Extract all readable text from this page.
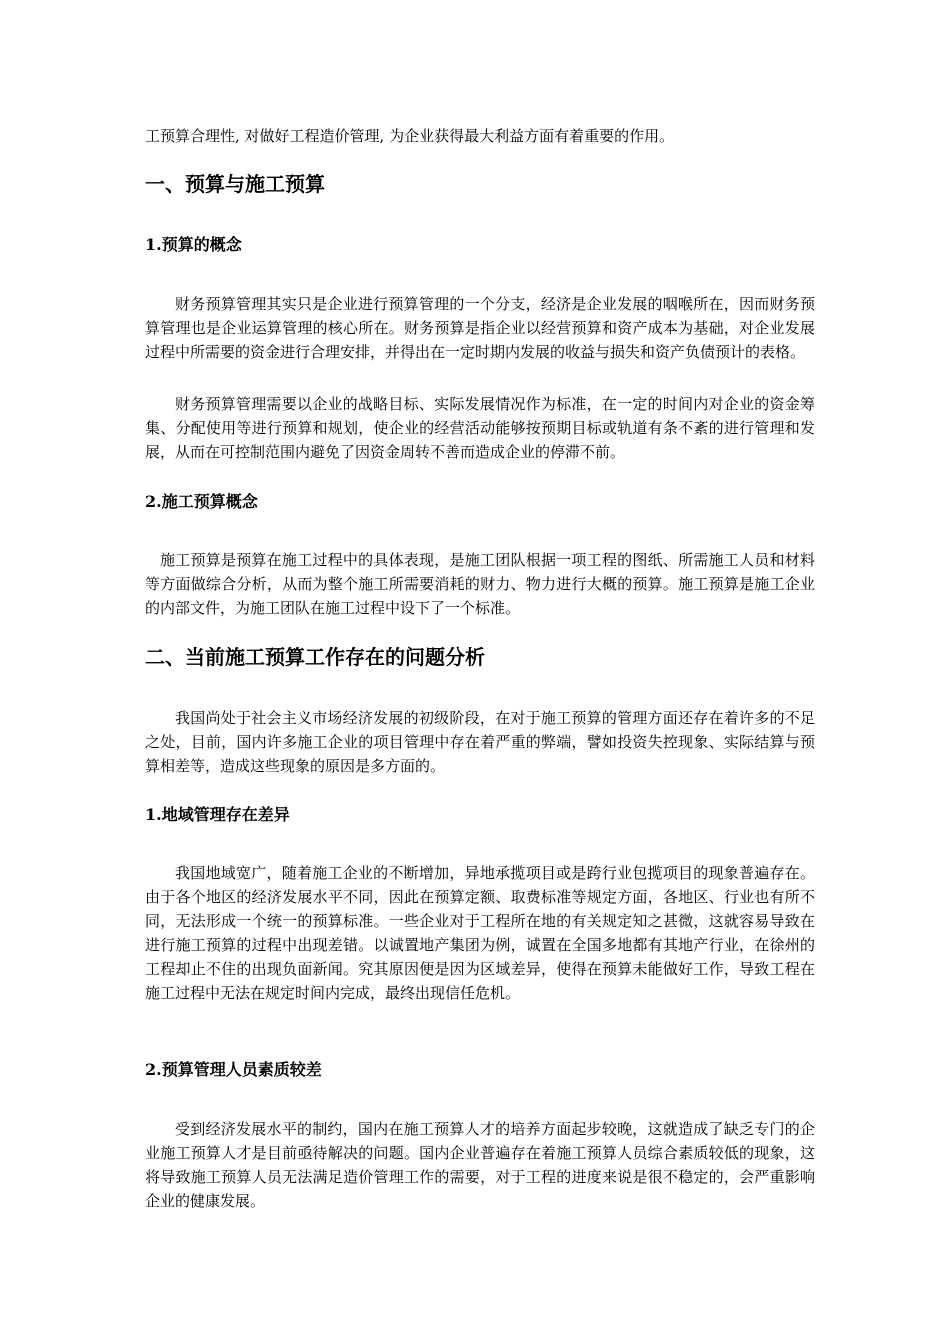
工预算合理性, 对做好工程造价管理, 为企业获得最大利益方面有着重要的作用。

一、预算与施工预算
1.预算的概念

财务预算管理其实只是企业进行预算管理的一个分支，经济是企业发展的咽喉所在，因而财务预算管理也是企业运算管理的核心所在。财务预算是指企业以经营预算和资产成本为基础，对企业发展过程中所需要的资金进行合理安排，并得出在一定时期内发展的收益与损失和资产负债预计的表格。

财务预算管理需要以企业的战略目标、实际发展情况作为标准，在一定的时间内对企业的资金筹集、分配使用等进行预算和规划，使企业的经营活动能够按预期目标或轨道有条不紊的进行管理和发展，从而在可控制范围内避免了因资金周转不善而造成企业的停滞不前。

2.施工预算概念

施工预算是预算在施工过程中的具体表现，是施工团队根据一项工程的图纸、所需施工人员和材料等方面做综合分析，从而为整个施工所需要消耗的财力、物力进行大概的预算。施工预算是施工企业的内部文件，为施工团队在施工过程中设下了一个标准。

二、当前施工预算工作存在的问题分析

我国尚处于社会主义市场经济发展的初级阶段，在对于施工预算的管理方面还存在着许多的不足之处，目前，国内许多施工企业的项目管理中存在着严重的弊端，譬如投资失控现象、实际结算与预算相差等，造成这些现象的原因是多方面的。

1.地域管理存在差异

我国地域宽广，随着施工企业的不断增加，异地承揽项目或是跨行业包揽项目的现象普遍存在。由于各个地区的经济发展水平不同，因此在预算定额、取费标准等规定方面，各地区、行业也有所不同，无法形成一个统一的预算标准。一些企业对于工程所在地的有关规定知之甚微，这就容易导致在进行施工预算的过程中出现差错。以诚置地产集团为例，诚置在全国多地都有其地产行业，在徐州的工程却止不住的出现负面新闻。究其原因便是因为区域差异，使得在预算未能做好工作，导致工程在施工过程中无法在规定时间内完成，最终出现信任危机。

2.预算管理人员素质较差

受到经济发展水平的制约，国内在施工预算人才的培养方面起步较晚，这就造成了缺乏专门的企业施工预算人才是目前亟待解决的问题。国内企业普遍存在着施工预算人员综合素质较低的现象，这将导致施工预算人员无法满足造价管理工作的需要，对于工程的进度来说是很不稳定的，会严重影响企业的健康发展。
